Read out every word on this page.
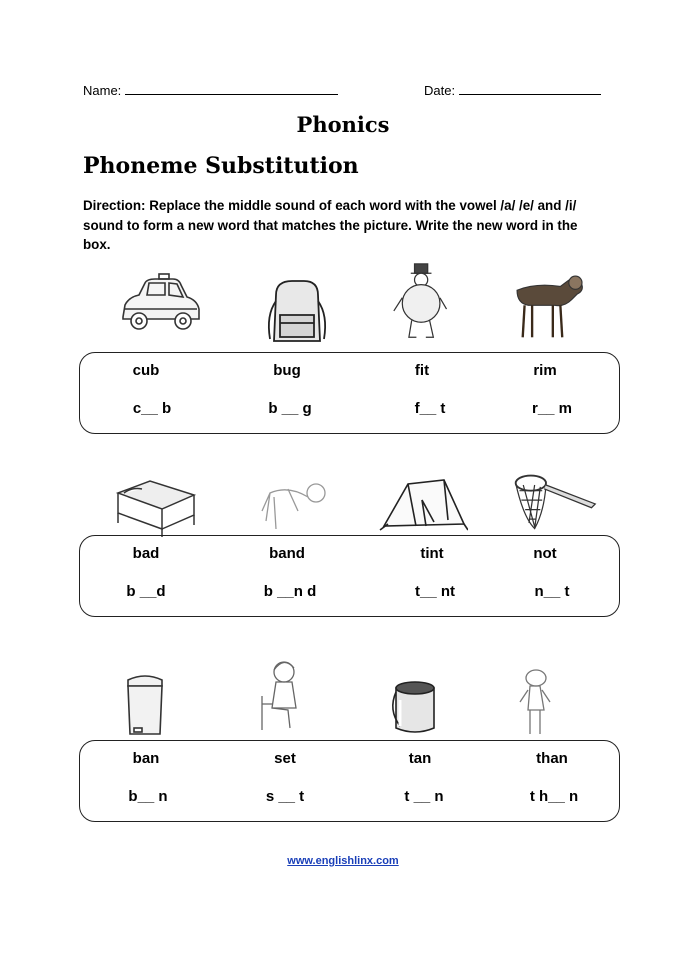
Name:	Date:
Phonics
Phoneme Substitution
Direction: Replace the middle sound of each word with the vowel /a/ /e/ and /i/ sound to form a new word that matches the picture. Write the new word in the box.
cub	bug	fit	rim
c__ b	b __ g	f__ t	r__ m
bad	band	tint	not
b __d	b __n d	t__ nt	n__ t
ban	set	tan	than
b__ n	s __ t	t __ n	t h__ n
www.englishlinx.com
